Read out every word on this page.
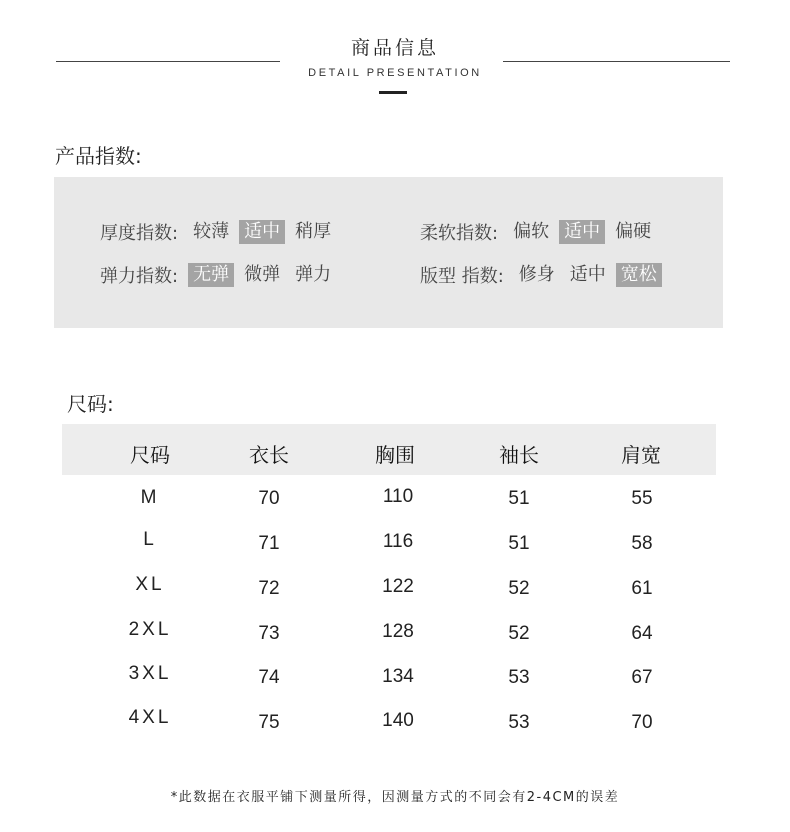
商品信息
DETAIL PRESENTATION
产品指数:
厚度指数: 较薄 适中 稍厚	柔软指数: 偏软 适中 偏硬
弹力指数: 无弹 微弹 弹力	版型 指数: 修身 适中 宽松
尺码:
尺码	衣长	胸围	袖长	肩宽
M	70	110	51	55
L	71	116	51	58
XL	72	122	52	61
2XL	73	128	52	64
3XL	74	134	53	67
4XL	75	140	53	70
*此数据在衣服平铺下测量所得，因测量方式的不同会有2-4CM的误差
